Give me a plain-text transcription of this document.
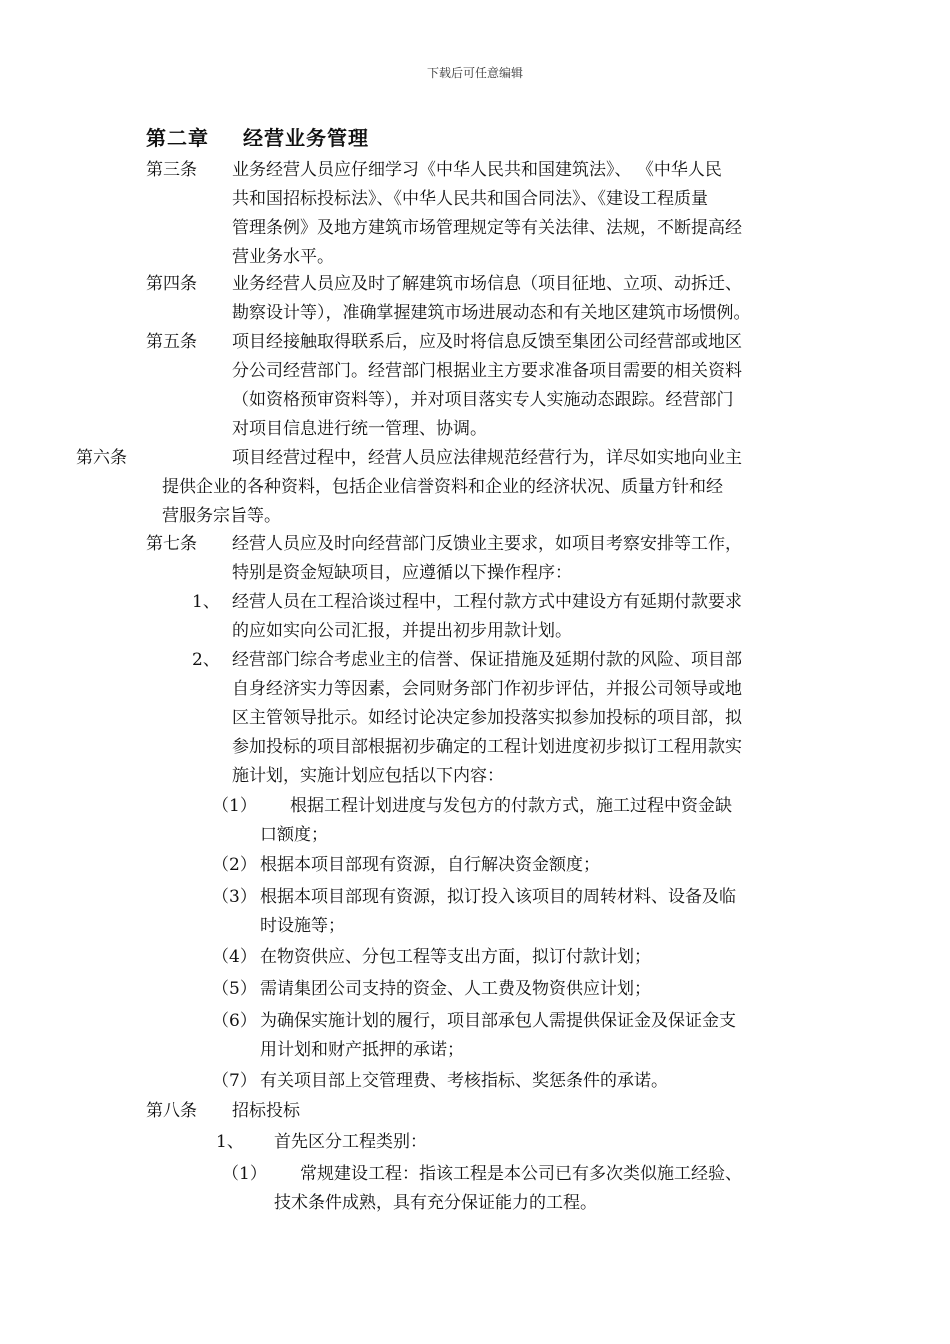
下载后可任意编辑
第二章 经营业务管理
第三条 业务经营人员应仔细学习《中华人民共和国建筑法》、 《中华人民
共和国招标投标法》、《中华人民共和国合同法》、《建设工程质量
管理条例》及地方建筑市场管理规定等有关法律、法规，不断提高经
营业务水平。
第四条 业务经营人员应及时了解建筑市场信息（项目征地、立项、动拆迁、
勘察设计等），准确掌握建筑市场进展动态和有关地区建筑市场惯例。
第五条 项目经接触取得联系后，应及时将信息反馈至集团公司经营部或地区
分公司经营部门。经营部门根据业主方要求准备项目需要的相关资料
（如资格预审资料等），并对项目落实专人实施动态跟踪。经营部门
对项目信息进行统一管理、协调。
第六条	项目经营过程中，经营人员应法律规范经营行为，详尽如实地向业主
提供企业的各种资料，包括企业信誉资料和企业的经济状况、质量方针和经
营服务宗旨等。
第七条 经营人员应及时向经营部门反馈业主要求，如项目考察安排等工作，
特别是资金短缺项目，应遵循以下操作程序：
1、 经营人员在工程洽谈过程中，工程付款方式中建设方有延期付款要求
的应如实向公司汇报，并提出初步用款计划。
2、 经营部门综合考虑业主的信誉、保证措施及延期付款的风险、项目部
自身经济实力等因素，会同财务部门作初步评估，并报公司领导或地
区主管领导批示。如经讨论决定参加投落实拟参加投标的项目部，拟
参加投标的项目部根据初步确定的工程计划进度初步拟订工程用款实
施计划，实施计划应包括以下内容：
（1）	根据工程计划进度与发包方的付款方式，施工过程中资金缺
口额度；
（2） 根据本项目部现有资源，自行解决资金额度；
（3） 根据本项目部现有资源，拟订投入该项目的周转材料、设备及临
时设施等；
（4） 在物资供应、分包工程等支出方面，拟订付款计划；
（5） 需请集团公司支持的资金、人工费及物资供应计划；
（6） 为确保实施计划的履行，项目部承包人需提供保证金及保证金支
用计划和财产抵押的承诺；
（7） 有关项目部上交管理费、考核指标、奖惩条件的承诺。
第八条 招标投标
1、 首先区分工程类别：
（1）	常规建设工程：指该工程是本公司已有多次类似施工经验、
技术条件成熟，具有充分保证能力的工程。
